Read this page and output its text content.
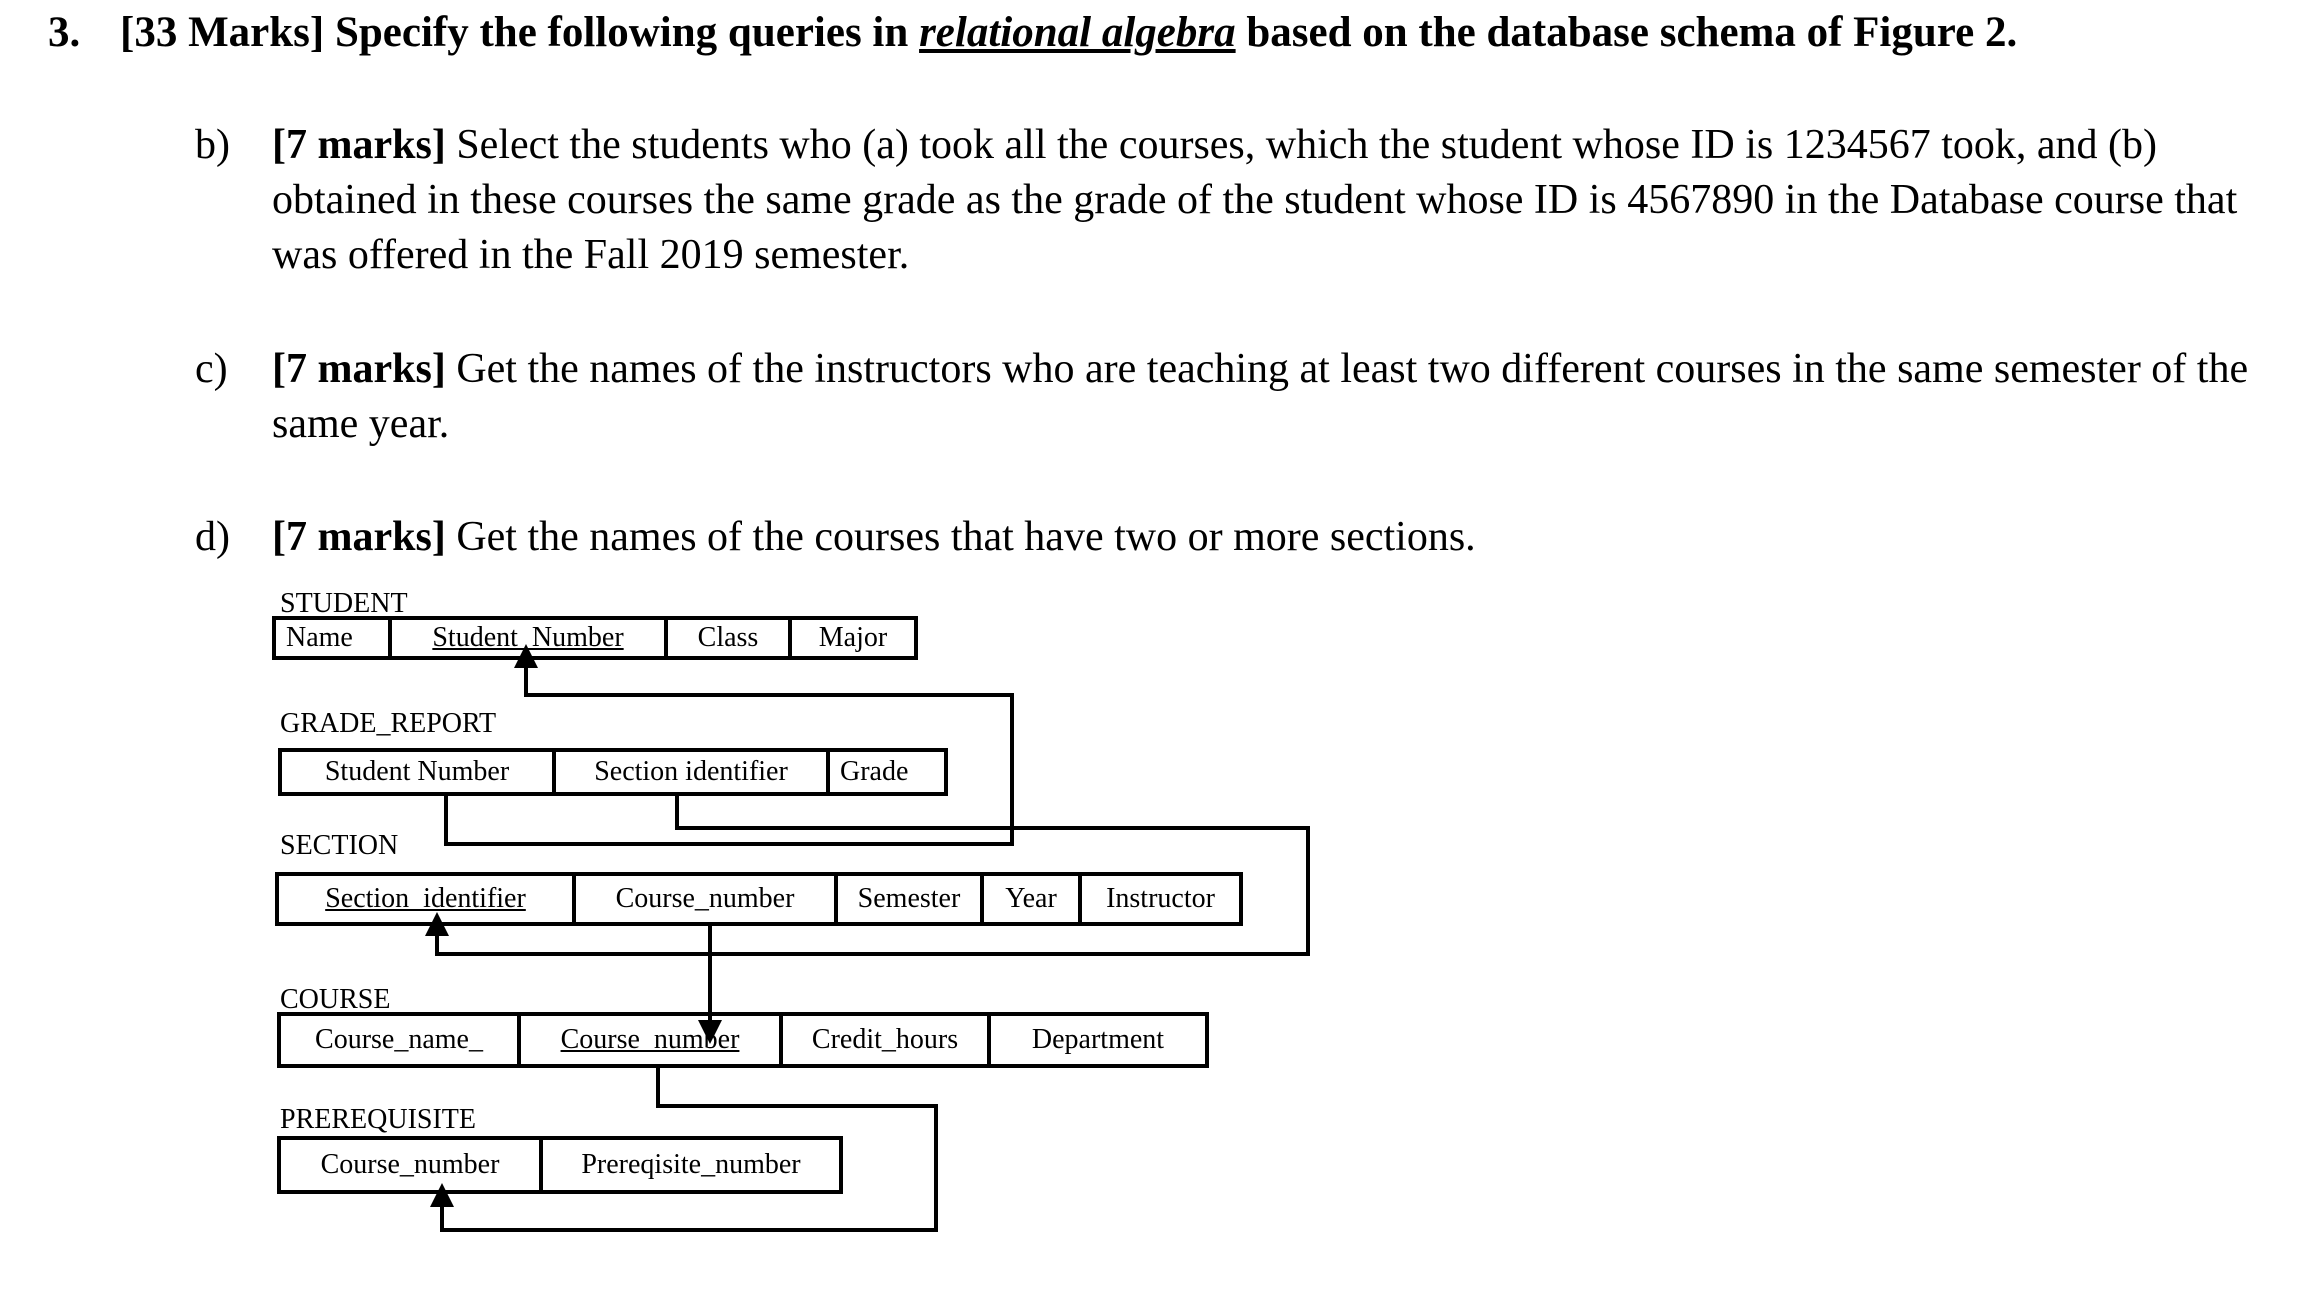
3. [33 Marks] Specify the following queries in relational algebra based on the database schema of Figure 2.
b) [7 marks] Select the students who (a) took all the courses, which the student whose ID is 1234567 took, and (b) obtained in these courses the same grade as the grade of the student whose ID is 4567890 in the Database course that was offered in the Fall 2019 semester.
c) [7 marks] Get the names of the instructors who are teaching at least two different courses in the same semester of the same year.
d) [7 marks] Get the names of the courses that have two or more sections.
STUDENT
Name	Student_Number	Class	Major
GRADE_REPORT
Student Number	Section identifier	Grade
SECTION
Section_identifier	Course_number	Semester	Year	Instructor
COURSE
Course_name_	Course_number	Credit_hours	Department
PREREQUISITE
Course_number	Prereqisite_number
